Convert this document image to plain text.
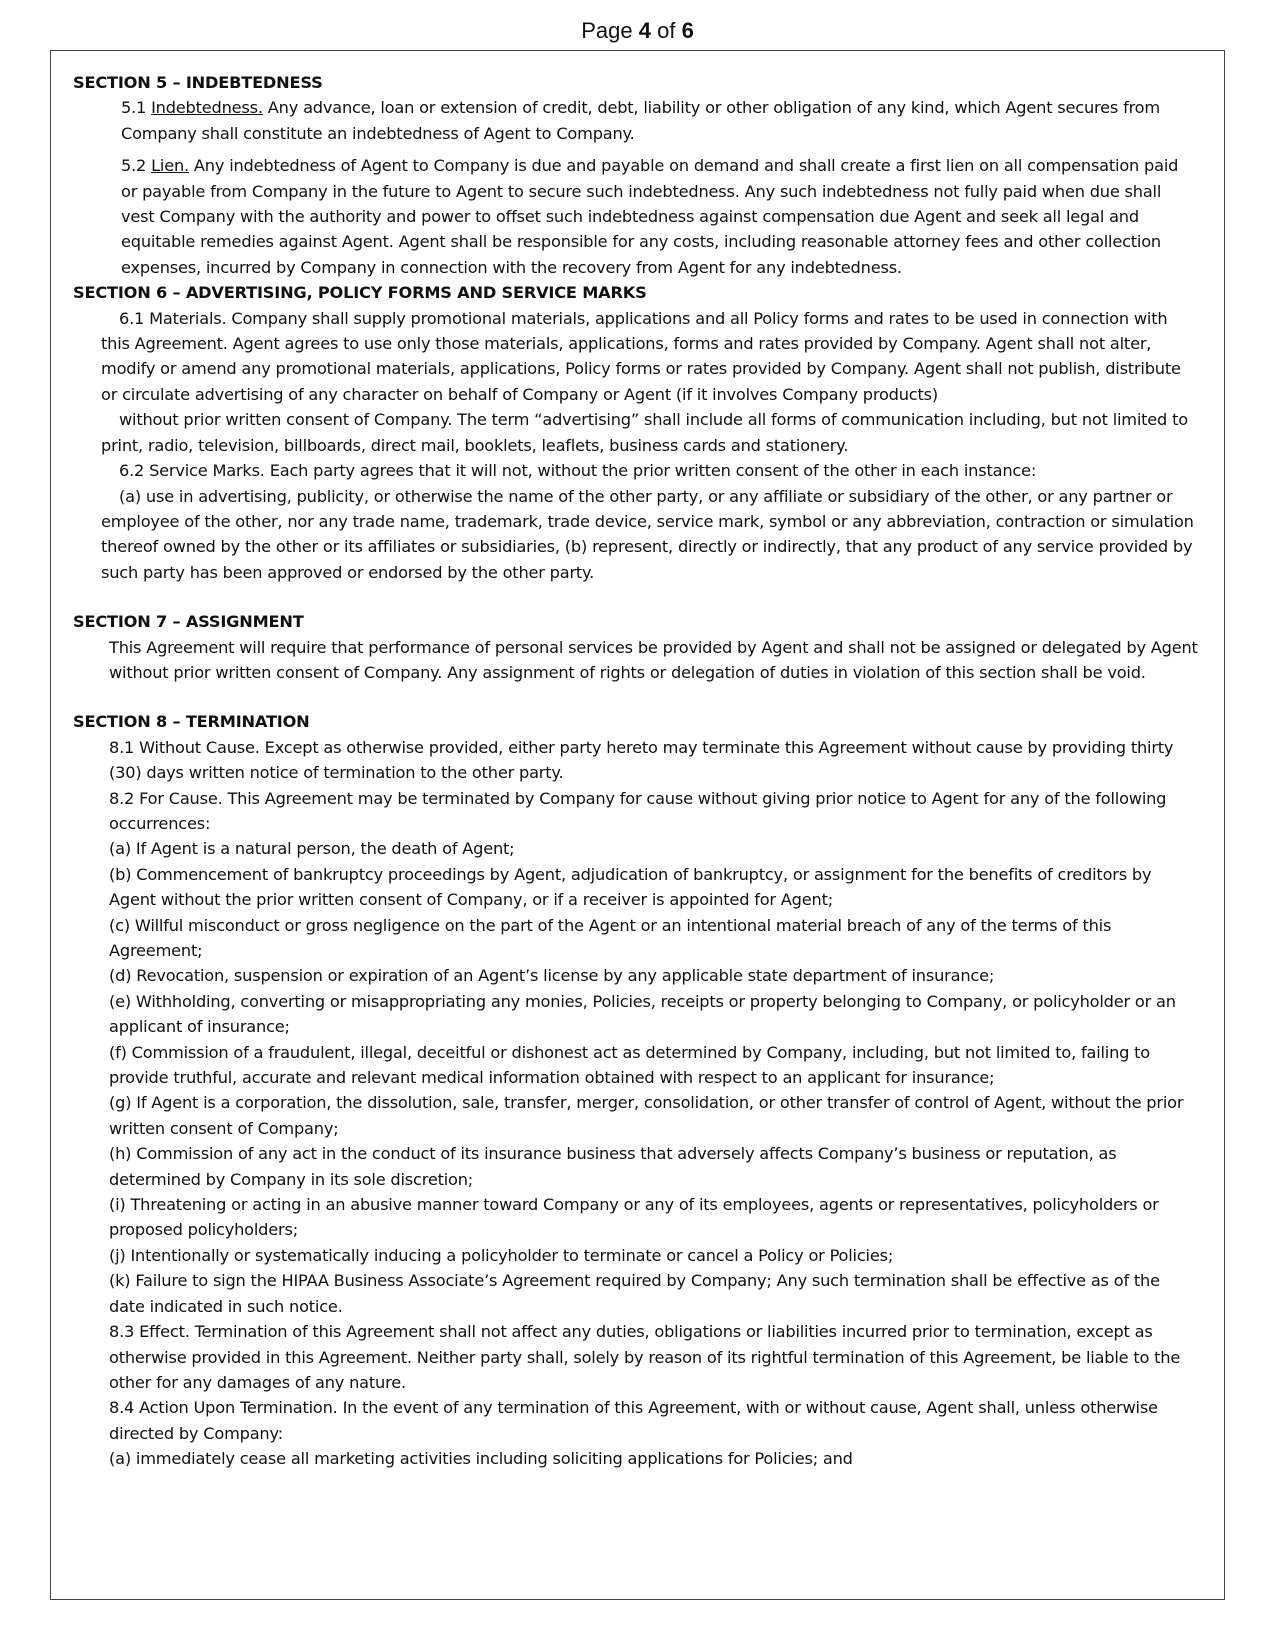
Page 4 of 6

SECTION 5 – INDEBTEDNESS

5.1 Indebtedness. Any advance, loan or extension of credit, debt, liability or other obligation of any kind, which Agent secures from Company shall constitute an indebtedness of Agent to Company.

5.2 Lien. Any indebtedness of Agent to Company is due and payable on demand and shall create a first lien on all compensation paid or payable from Company in the future to Agent to secure such indebtedness. Any such indebtedness not fully paid when due shall vest Company with the authority and power to offset such indebtedness against compensation due Agent and seek all legal and equitable remedies against Agent. Agent shall be responsible for any costs, including reasonable attorney fees and other collection expenses, incurred by Company in connection with the recovery from Agent for any indebtedness.

SECTION 6 – ADVERTISING, POLICY FORMS AND SERVICE MARKS

6.1 Materials. Company shall supply promotional materials, applications and all Policy forms and rates to be used in connection with this Agreement. Agent agrees to use only those materials, applications, forms and rates provided by Company. Agent shall not alter, modify or amend any promotional materials, applications, Policy forms or rates provided by Company. Agent shall not publish, distribute or circulate advertising of any character on behalf of Company or Agent (if it involves Company products)

without prior written consent of Company. The term “advertising” shall include all forms of communication including, but not limited to print, radio, television, billboards, direct mail, booklets, leaflets, business cards and stationery.

6.2 Service Marks. Each party agrees that it will not, without the prior written consent of the other in each instance:

(a) use in advertising, publicity, or otherwise the name of the other party, or any affiliate or subsidiary of the other, or any partner or employee of the other, nor any trade name, trademark, trade device, service mark, symbol or any abbreviation, contraction or simulation thereof owned by the other or its affiliates or subsidiaries, (b) represent, directly or indirectly, that any product of any service provided by such party has been approved or endorsed by the other party.

SECTION 7 – ASSIGNMENT

This Agreement will require that performance of personal services be provided by Agent and shall not be assigned or delegated by Agent without prior written consent of Company. Any assignment of rights or delegation of duties in violation of this section shall be void.

SECTION 8 – TERMINATION

8.1 Without Cause. Except as otherwise provided, either party hereto may terminate this Agreement without cause by providing thirty (30) days written notice of termination to the other party.

8.2 For Cause. This Agreement may be terminated by Company for cause without giving prior notice to Agent for any of the following occurrences:

(a) If Agent is a natural person, the death of Agent;

(b) Commencement of bankruptcy proceedings by Agent, adjudication of bankruptcy, or assignment for the benefits of creditors by Agent without the prior written consent of Company, or if a receiver is appointed for Agent;

(c) Willful misconduct or gross negligence on the part of the Agent or an intentional material breach of any of the terms of this Agreement;

(d) Revocation, suspension or expiration of an Agent’s license by any applicable state department of insurance;

(e) Withholding, converting or misappropriating any monies, Policies, receipts or property belonging to Company, or policyholder or an applicant of insurance;

(f) Commission of a fraudulent, illegal, deceitful or dishonest act as determined by Company, including, but not limited to, failing to provide truthful, accurate and relevant medical information obtained with respect to an applicant for insurance;

(g) If Agent is a corporation, the dissolution, sale, transfer, merger, consolidation, or other transfer of control of Agent, without the prior written consent of Company;

(h) Commission of any act in the conduct of its insurance business that adversely affects Company’s business or reputation, as determined by Company in its sole discretion;

(i) Threatening or acting in an abusive manner toward Company or any of its employees, agents or representatives, policyholders or proposed policyholders;

(j) Intentionally or systematically inducing a policyholder to terminate or cancel a Policy or Policies;

(k) Failure to sign the HIPAA Business Associate’s Agreement required by Company; Any such termination shall be effective as of the date indicated in such notice.

8.3 Effect. Termination of this Agreement shall not affect any duties, obligations or liabilities incurred prior to termination, except as otherwise provided in this Agreement. Neither party shall, solely by reason of its rightful termination of this Agreement, be liable to the other for any damages of any nature.

8.4 Action Upon Termination. In the event of any termination of this Agreement, with or without cause, Agent shall, unless otherwise directed by Company:

(a) immediately cease all marketing activities including soliciting applications for Policies; and
